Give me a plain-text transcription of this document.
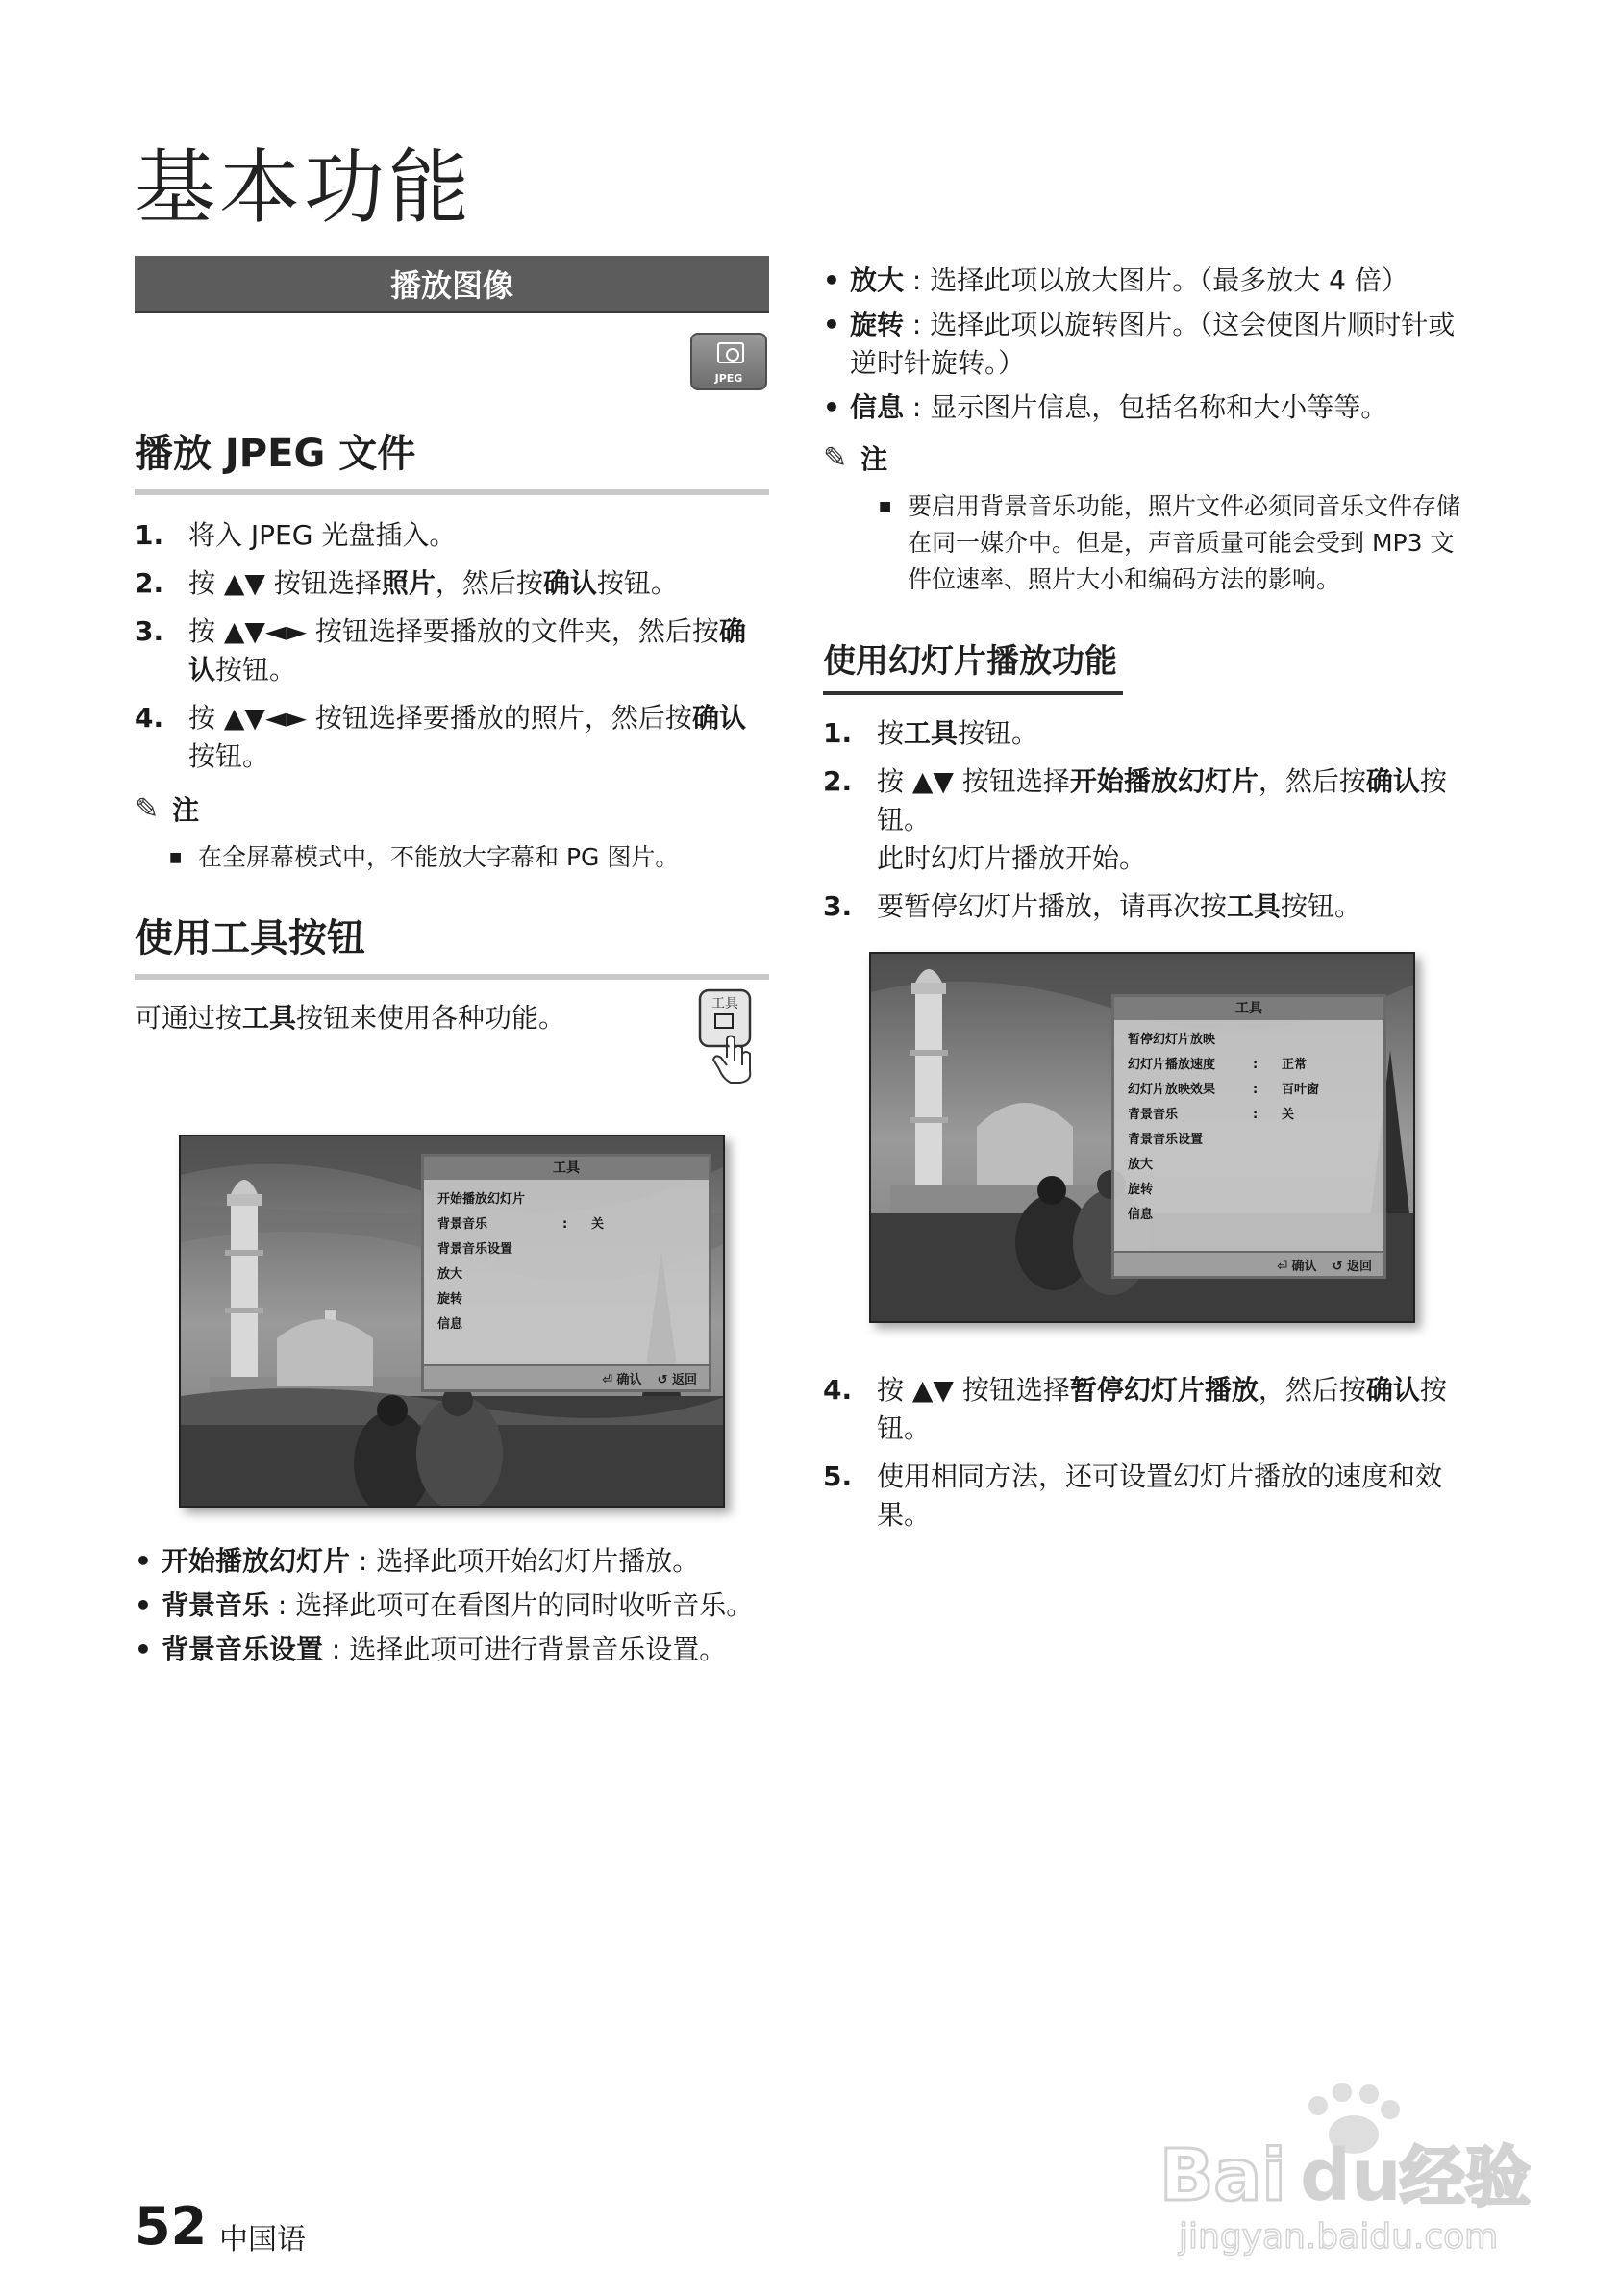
基本功能
播放图像
JPEG
播放 JPEG 文件
1. 将入 JPEG 光盘插入。
2. 按 ▲▼ 按钮选择照片，然后按确认按钮。
3. 按 ▲▼◄► 按钮选择要播放的文件夹，然后按确认按钮。
4. 按 ▲▼◄► 按钮选择要播放的照片，然后按确认按钮。
✎ 注
■ 在全屏幕模式中，不能放大字幕和 PG 图片。
使用工具按钮
可通过按工具按钮来使用各种功能。	工具
工具
开始播放幻灯片
背景音乐	:	关
背景音乐设置
放大
旋转
信息
⏎ 确认 ↺ 返回
• 开始播放幻灯片 : 选择此项开始幻灯片播放。
• 背景音乐 : 选择此项可在看图片的同时收听音乐。
• 背景音乐设置 : 选择此项可进行背景音乐设置。
• 放大 : 选择此项以放大图片。（最多放大 4 倍）
• 旋转 : 选择此项以旋转图片。（这会使图片顺时针或逆时针旋转。）
• 信息 : 显示图片信息，包括名称和大小等等。
✎ 注
■ 要启用背景音乐功能，照片文件必须同音乐文件存储在同一媒介中。但是，声音质量可能会受到 MP3 文件位速率、照片大小和编码方法的影响。
使用幻灯片播放功能
1. 按工具按钮。
2. 按 ▲▼ 按钮选择开始播放幻灯片，然后按确认按钮。
此时幻灯片播放开始。
3. 要暂停幻灯片播放，请再次按工具按钮。
工具
暂停幻灯片放映
幻灯片播放速度	:	正常
幻灯片放映效果	:	百叶窗
背景音乐	:	关
背景音乐设置
放大
旋转
信息
⏎ 确认 ↺ 返回
4. 按 ▲▼ 按钮选择暂停幻灯片播放，然后按确认按钮。
5. 使用相同方法，还可设置幻灯片播放的速度和效果。
52 中国语
Bai du
经验
jingyan.baidu.com
